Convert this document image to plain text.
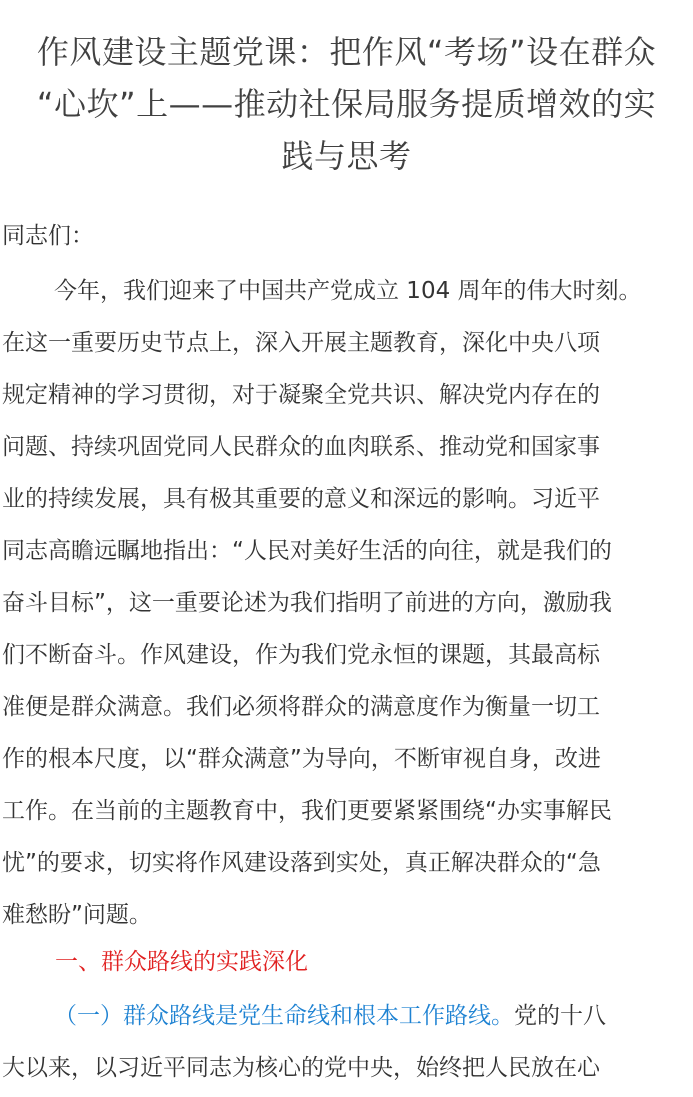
作风建设主题党课：把作风“考场”设在群众
“心坎”上——推动社保局服务提质增效的实
践与思考

同志们：

今年，我们迎来了中国共产党成立 104 周年的伟大时刻。
在这一重要历史节点上，深入开展主题教育，深化中央八项
规定精神的学习贯彻，对于凝聚全党共识、解决党内存在的
问题、持续巩固党同人民群众的血肉联系、推动党和国家事
业的持续发展，具有极其重要的意义和深远的影响。习近平
同志高瞻远瞩地指出：“人民对美好生活的向往，就是我们的
奋斗目标”，这一重要论述为我们指明了前进的方向，激励我
们不断奋斗。作风建设，作为我们党永恒的课题，其最高标
准便是群众满意。我们必须将群众的满意度作为衡量一切工
作的根本尺度，以“群众满意”为导向，不断审视自身，改进
工作。在当前的主题教育中，我们更要紧紧围绕“办实事解民
忧”的要求，切实将作风建设落到实处，真正解决群众的“急
难愁盼”问题。

一、群众路线的实践深化

（一）群众路线是党生命线和根本工作路线。党的十八
大以来，以习近平同志为核心的党中央，始终把人民放在心
